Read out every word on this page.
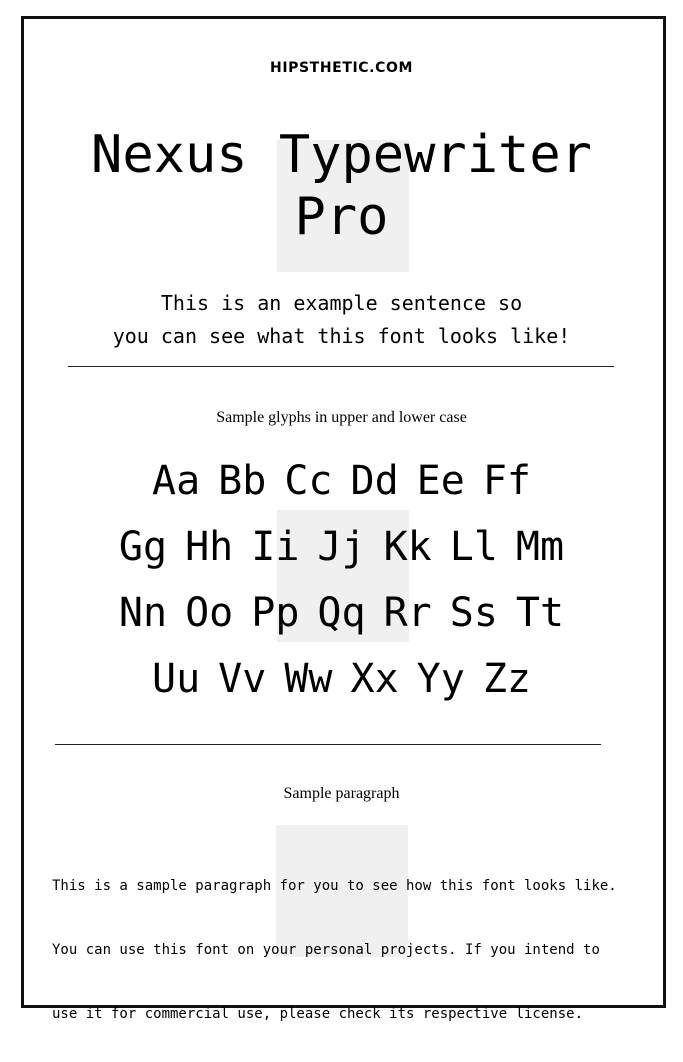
HIPSTHETIC.COM
Nexus Typewriter
Pro
This is an example sentence so
you can see what this font looks like!
Sample glyphs in upper and lower case
Aa Bb Cc Dd Ee Ff
Gg Hh Ii Jj Kk Ll Mm
Nn Oo Pp Qq Rr Ss Tt
Uu Vv Ww Xx Yy Zz
Sample paragraph

This is a sample paragraph for you to see how this font looks like.

You can use this font on your personal projects. If you intend to

use it for commercial use, please check its respective license.
